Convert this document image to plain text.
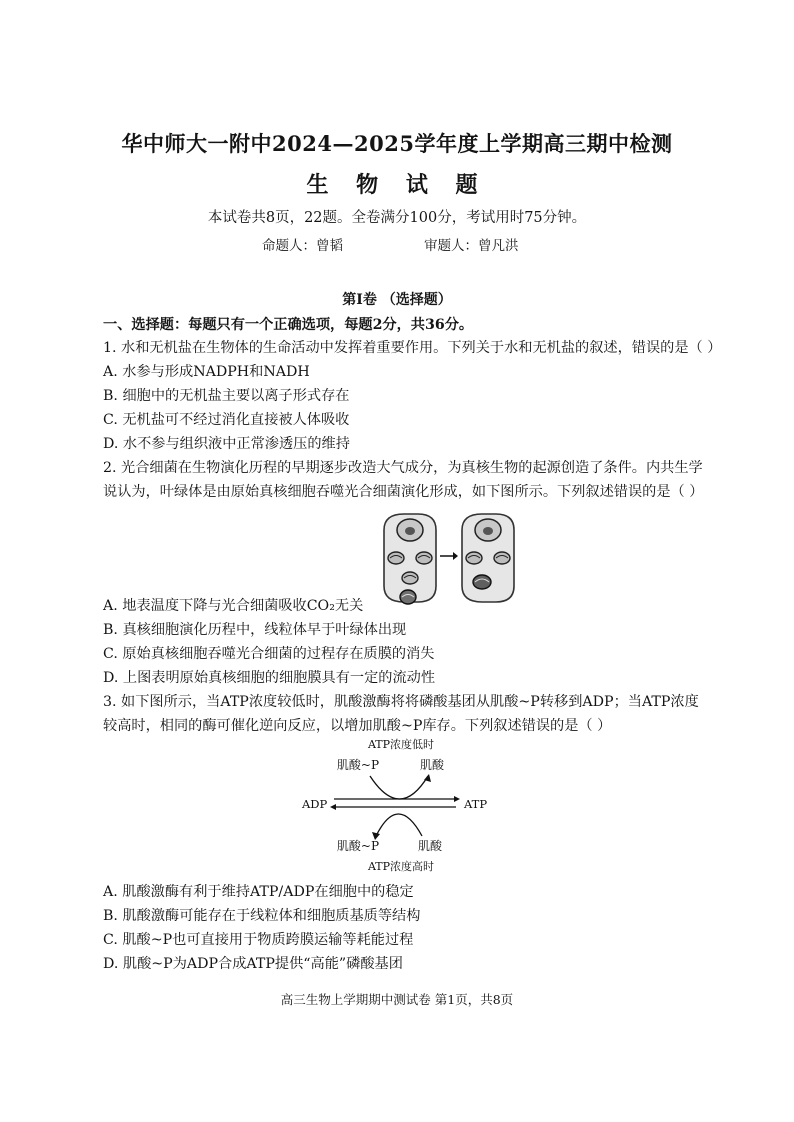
华中师大一附中2024—2025学年度上学期高三期中检测
生 物 试 题
本试卷共8页，22题。全卷满分100分，考试用时75分钟。
命题人：曾韬	审题人：曾凡洪
第Ⅰ卷 （选择题）
一、选择题：每题只有一个正确选项，每题2分，共36分。
1. 水和无机盐在生物体的生命活动中发挥着重要作用。下列关于水和无机盐的叙述，错误的是（ ）
A. 水参与形成NADPH和NADH
B. 细胞中的无机盐主要以离子形式存在
C. 无机盐可不经过消化直接被人体吸收
D. 水不参与组织液中正常渗透压的维持
2. 光合细菌在生物演化历程的早期逐步改造大气成分，为真核生物的起源创造了条件。内共生学
说认为，叶绿体是由原始真核细胞吞噬光合细菌演化形成，如下图所示。下列叙述错误的是（ ）
A. 地表温度下降与光合细菌吸收CO₂无关
B. 真核细胞演化历程中，线粒体早于叶绿体出现
C. 原始真核细胞吞噬光合细菌的过程存在质膜的消失
D. 上图表明原始真核细胞的细胞膜具有一定的流动性
3. 如下图所示，当ATP浓度较低时，肌酸激酶将将磷酸基团从肌酸~P转移到ADP；当ATP浓度
较高时，相同的酶可催化逆向反应，以增加肌酸~P库存。下列叙述错误的是（ ）
ATP浓度低时
肌酸~P	肌酸
ADP	ATP
肌酸~P	肌酸
ATP浓度高时
A. 肌酸激酶有利于维持ATP/ADP在细胞中的稳定
B. 肌酸激酶可能存在于线粒体和细胞质基质等结构
C. 肌酸~P也可直接用于物质跨膜运输等耗能过程
D. 肌酸~P为ADP合成ATP提供“高能”磷酸基团
高三生物上学期期中测试卷 第1页，共8页
